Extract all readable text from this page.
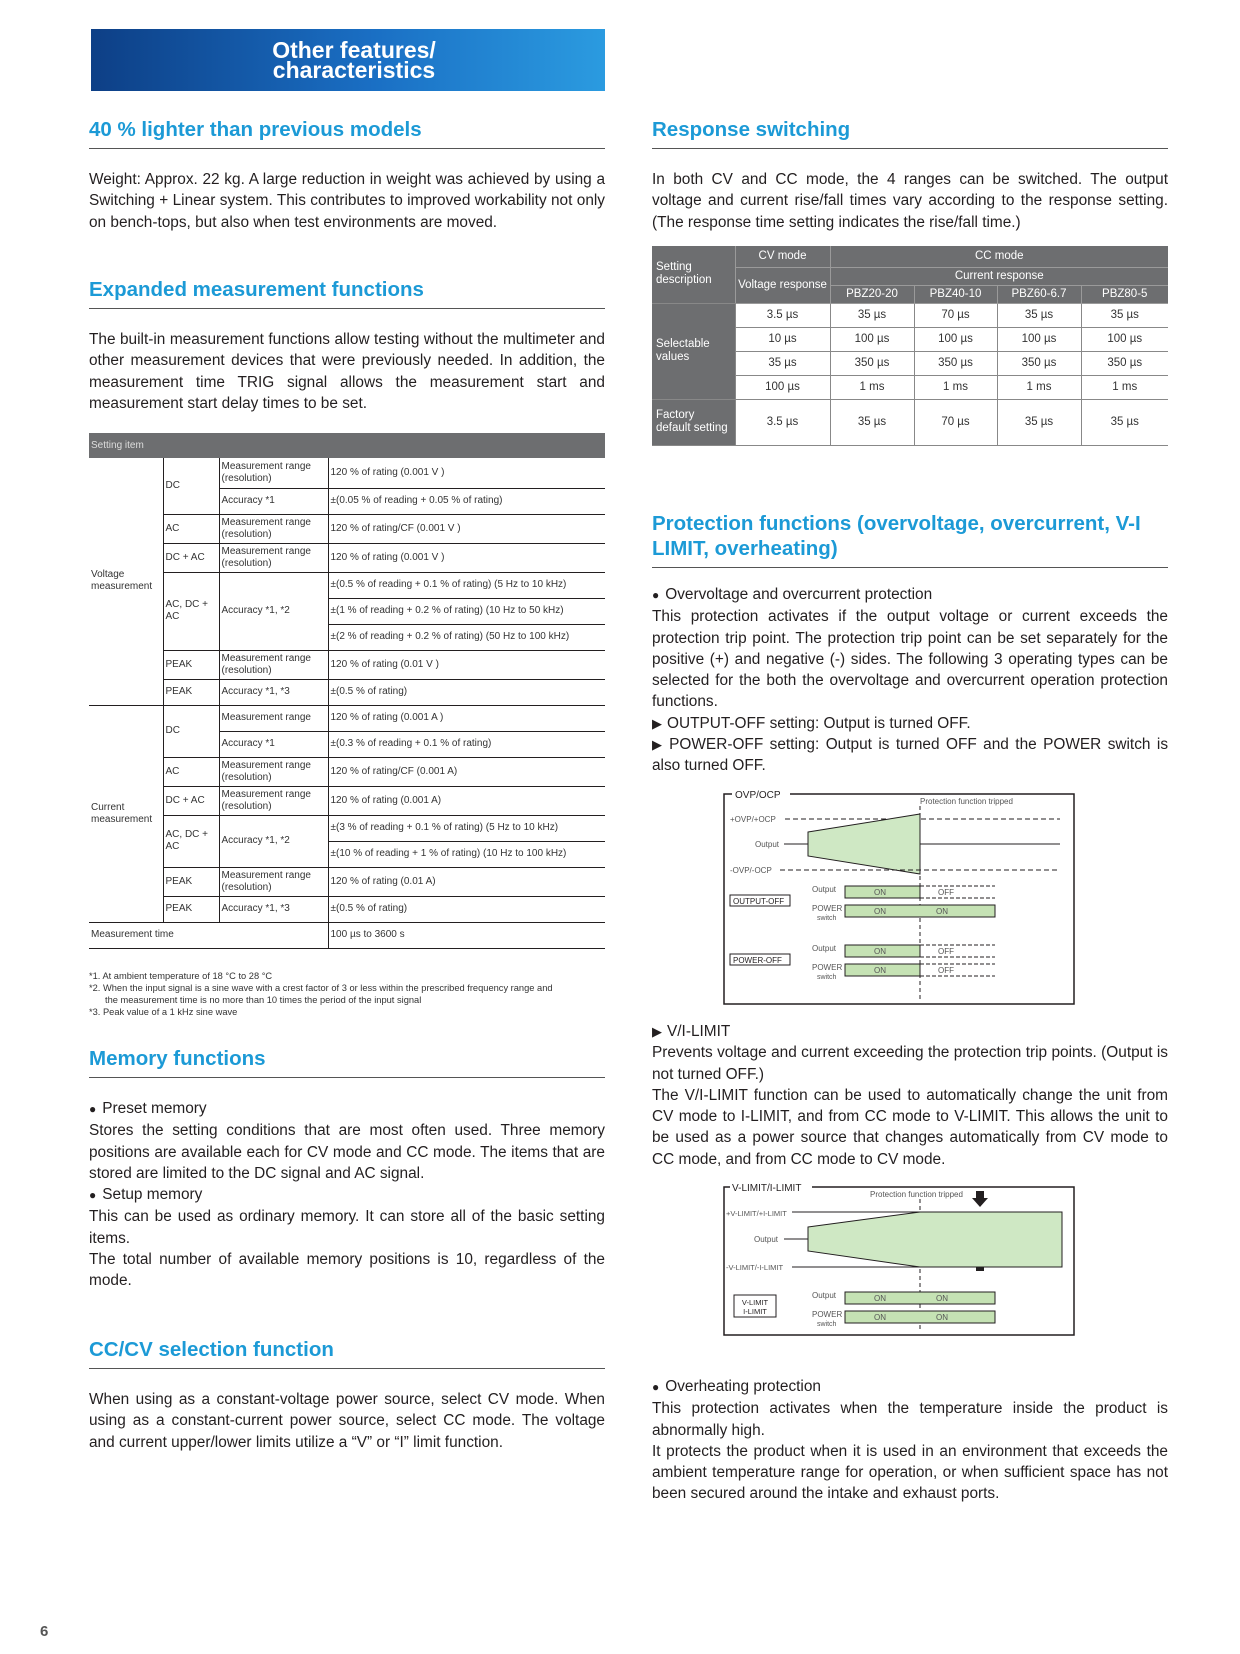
Other features/
characteristics
40 % lighter than previous models
Weight: Approx. 22 kg. A large reduction in weight was achieved by using a Switching + Linear system. This contributes to improved workability not only on bench-tops, but also when test environments are moved.
Expanded measurement functions
The built-in measurement functions allow testing without the multimeter and other measurement devices that were previously needed. In addition, the measurement time TRIG signal allows the measurement start and measurement start delay times to be set.
Setting item			
Voltage measurement	DC	Measurement range (resolution)	120 % of rating (0.001 V )
		Accuracy *1	±(0.05 % of reading + 0.05 % of rating)
	AC	Measurement range (resolution)	120 % of rating/CF (0.001 V )
	DC + AC	Measurement range (resolution)	120 % of rating (0.001 V )
	AC, DC + AC	Accuracy *1, *2	±(0.5 % of reading + 0.1 % of rating) (5 Hz to 10 kHz)
			±(1 % of reading + 0.2 % of rating) (10 Hz to 50 kHz)
			±(2 % of reading + 0.2 % of rating) (50 Hz to 100 kHz)
	PEAK	Measurement range (resolution)	120 % of rating (0.01 V )
	PEAK	Accuracy *1, *3	±(0.5 % of rating)

Current measurement	DC	Measurement range	120 % of rating (0.001 A )
		Accuracy *1	±(0.3 % of reading + 0.1 % of rating)
	AC	Measurement range (resolution)	120 % of rating/CF (0.001 A)
	DC + AC	Measurement range (resolution)	120 % of rating (0.001 A)
	AC, DC + AC	Accuracy *1, *2	±(3 % of reading + 0.1 % of rating) (5 Hz to 10 kHz)
			±(10 % of reading + 1 % of rating) (10 Hz to 100 kHz)
	PEAK	Measurement range (resolution)	120 % of rating (0.01 A)
	PEAK	Accuracy *1, *3	±(0.5 % of rating)

Measurement time			100 µs to 3600 s
*1. At ambient temperature of 18 °C to 28 °C
*2. When the input signal is a sine wave with a crest factor of 3 or less within the prescribed frequency range and
the measurement time is no more than 10 times the period of the input signal
*3. Peak value of a 1 kHz sine wave
Memory functions
● Preset memory
Stores the setting conditions that are most often used. Three memory positions are available each for CV mode and CC mode. The items that are stored are limited to the DC signal and AC signal.
● Setup memory
This can be used as ordinary memory. It can store all of the basic setting items.
The total number of available memory positions is 10, regardless of the mode.
CC/CV selection function
When using as a constant-voltage power source, select CV mode. When using as a constant-current power source, select CC mode. The voltage and current upper/lower limits utilize a “V” or “I” limit function.
Response switching
In both CV and CC mode, the 4 ranges can be switched. The output voltage and current rise/fall times vary according to the response setting.(The response time setting indicates the rise/fall time.)
Setting description	CV mode	CC mode			
	Voltage response	Current response			
		PBZ20-20	PBZ40-10	PBZ60-6.7	PBZ80-5
Selectable values	3.5 µs	35 µs	70 µs	35 µs	35 µs
	10 µs	100 µs	100 µs	100 µs	100 µs
	35 µs	350 µs	350 µs	350 µs	350 µs
	100 µs	1 ms	1 ms	1 ms	1 ms
Factory default setting	3.5 µs	35 µs	70 µs	35 µs	35 µs
Protection functions (overvoltage, overcurrent, V-I LIMIT, overheating)
● Overvoltage and overcurrent protection
This protection activates if the output voltage or current exceeds the protection trip point. The protection trip point can be set separately for the positive (+) and negative (-) sides. The following 3 operating types can be selected for the both the overvoltage and overcurrent operation protection functions.
▶ OUTPUT-OFF setting: Output is turned OFF.
▶ POWER-OFF setting: Output is turned OFF and the POWER switch is also turned OFF.
OVP/OCP
Protection function tripped
+OVP/+OCP
Output
-OVP/-OCP
OUTPUT-OFF
Output	ON	OFF
POWER
switch
ON	ON
POWER-OFF
Output	ON	OFF
POWER
switch
ON	OFF
▶ V/I-LIMIT
Prevents voltage and current exceeding the protection trip points. (Output is not turned OFF.)
The V/I-LIMIT function can be used to automatically change the unit from CV mode to I-LIMIT, and from CC mode to V-LIMIT. This allows the unit to be used as a power source that changes automatically from CV mode to CC mode, and from CC mode to CV mode.
V-LIMIT/I-LIMIT
Protection function tripped
+V-LIMIT/+I-LIMIT
Output
-V-LIMIT/-I-LIMIT
V-LIMIT
I-LIMIT
Output	ON	ON
POWER
switch
ON	ON
● Overheating protection
This protection activates when the temperature inside the product is abnormally high.
It protects the product when it is used in an environment that exceeds the ambient temperature range for operation, or when sufficient space has not been secured around the intake and exhaust ports.
6
